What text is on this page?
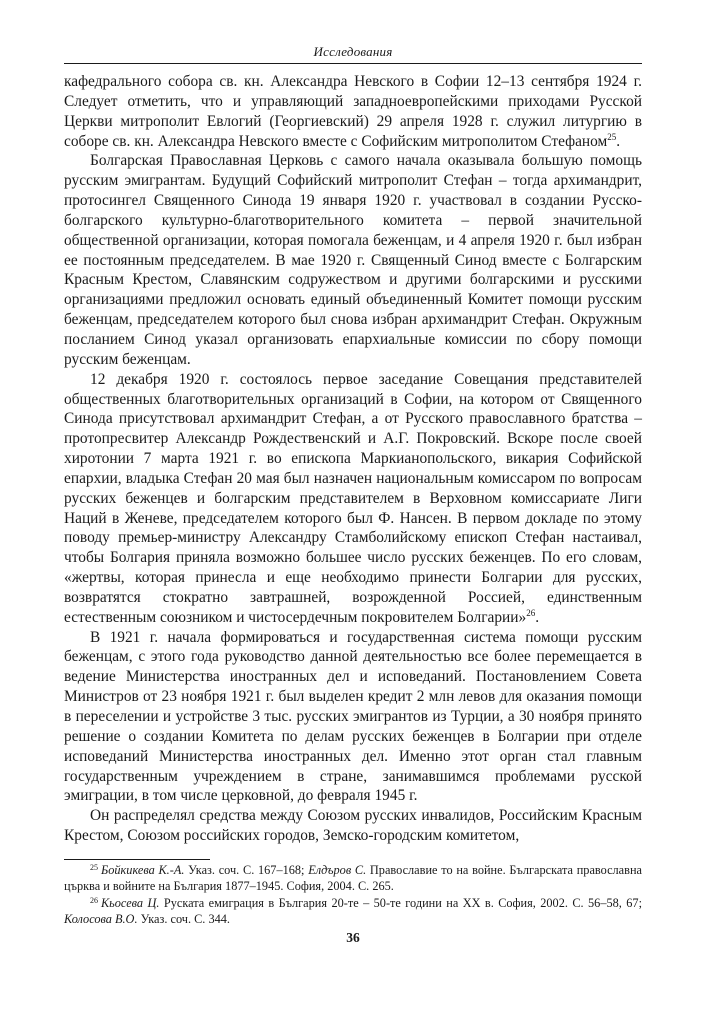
Исследования

кафедрального собора св. кн. Александра Невского в Софии 12–13 сентября 1924 г. Следует отметить, что и управляющий западноевропейскими приходами Русской Церкви митрополит Евлогий (Георгиевский) 29 апреля 1928 г. служил литургию в соборе св. кн. Александра Невского вместе с Софийским митрополитом Стефаном$^{25}$.

Болгарская Православная Церковь с самого начала оказывала большую помощь русским эмигрантам. Будущий Софийский митрополит Стефан – тогда архимандрит, протосингел Священного Синода 19 января 1920 г. участвовал в создании Русско-болгарского культурно-благотворительного комитета – первой значительной общественной организации, которая помогала беженцам, и 4 апреля 1920 г. был избран ее постоянным председателем. В мае 1920 г. Священный Синод вместе с Болгарским Красным Крестом, Славянским содружеством и другими болгарскими и русскими организациями предложил основать единый объединенный Комитет помощи русским беженцам, председателем которого был снова избран архимандрит Стефан. Окружным посланием Синод указал организовать епархиальные комиссии по сбору помощи русским беженцам.

12 декабря 1920 г. состоялось первое заседание Совещания представителей общественных благотворительных организаций в Софии, на котором от Священного Синода присутствовал архимандрит Стефан, а от Русского православного братства – протопресвитер Александр Рождественский и А.Г. Покровский. Вскоре после своей хиротонии 7 марта 1921 г. во епископа Маркианопольского, викария Софийской епархии, владыка Стефан 20 мая был назначен национальным комиссаром по вопросам русских беженцев и болгарским представителем в Верховном комиссариате Лиги Наций в Женеве, председателем которого был Ф. Нансен. В первом докладе по этому поводу премьер-министру Александру Стамболийскому епископ Стефан настаивал, чтобы Болгария приняла возможно большее число русских беженцев. По его словам, «жертвы, которая принесла и еще необходимо принести Болгарии для русских, возвратятся стократно завтрашней, возрожденной Россией, единственным естественным союзником и чистосердечным покровителем Болгарии»$^{26}$.

В 1921 г. начала формироваться и государственная система помощи русским беженцам, с этого года руководство данной деятельностью все более перемещается в ведение Министерства иностранных дел и исповеданий. Постановлением Совета Министров от 23 ноября 1921 г. был выделен кредит 2 млн левов для оказания помощи в переселении и устройстве 3 тыс. русских эмигрантов из Турции, а 30 ноября принято решение о создании Комитета по делам русских беженцев в Болгарии при отделе исповеданий Министерства иностранных дел. Именно этот орган стал главным государственным учреждением в стране, занимавшимся проблемами русской эмиграции, в том числе церковной, до февраля 1945 г.

Он распределял средства между Союзом русских инвалидов, Российским Красным Крестом, Союзом российских городов, Земско-городским комитетом,

$^{25}$ Бойкикева К.-А. Указ. соч. С. 167–168; Елдъров С. Православие то на войне. Българската православна църква и войните на България 1877–1945. София, 2004. С. 265.

$^{26}$ Кьосева Ц. Руската емиграция в България 20-те – 50-те години на ХХ в. София, 2002. С. 56–58, 67; Колосова В.О. Указ. соч. С. 344.

36
